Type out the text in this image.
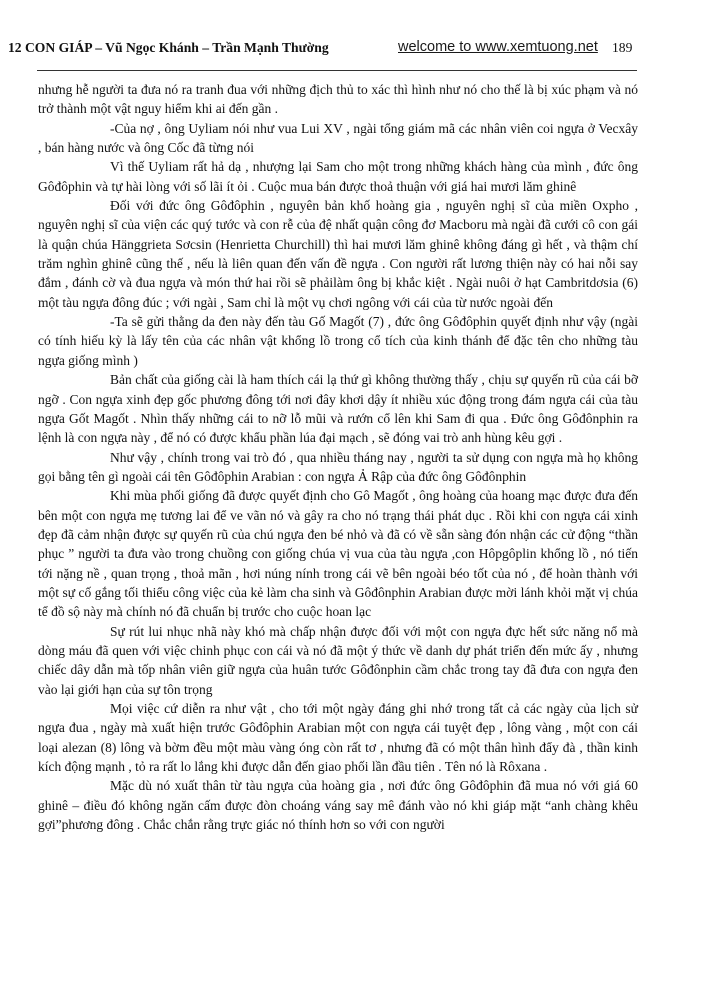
12 CON GIÁP – Vũ Ngọc Khánh – Trần Mạnh Thường	welcome to www.xemtuong.net 189

nhưng hễ người ta đưa nó ra tranh đua với những địch thủ to xác thì hình như nó cho thế là bị xúc phạm và nó trở thành một vật nguy hiểm khi ai đến gần .

-Của nợ , ông Uyliam nói như vua Lui XV , ngài tổng giám mã các nhân viên coi ngựa ở Vecxây , bán hàng nước và ông Cốc đã từng nói

Vì thế Uyliam rất hả dạ , nhượng lại Sam cho một trong những khách hàng của mình , đức ông Gôđôphin và tự hài lòng với số lãi ít ỏi . Cuộc mua bán được thoả thuận với giá hai mươi lăm ghinê

Đối với đức ông Gôđôphin , nguyên bản khố hoàng gia , nguyên nghị sĩ của miền Oxpho , nguyên nghị sĩ của viện các quý tước và con rễ của đệ nhất quận công đơ Macboru mà ngài đã cưới cô con gái là quận chúa Hänggrieta Sơcsin (Henrietta Churchill) thì hai mươi lăm ghinê không đáng gì hết , và thậm chí trăm nghìn ghinê cũng thế , nếu là liên quan đến vấn đề ngựa . Con người rất lương thiện này có hai nỗi say đắm , đánh cờ và đua ngựa và món thứ hai rồi sẽ phảilàm ông bị khắc kiệt . Ngài nuôi ở hạt Cambritdơsia (6) một tàu ngựa đông đúc ; với ngài , Sam chỉ là một vụ chơi ngông với cái của từ nước ngoài đến

-Ta sẽ gửi thằng da đen này đến tàu Gố Magốt (7) , đức ông Gôđôphin quyết định như vậy (ngài có tính hiếu kỳ là lấy tên của các nhân vật khổng lồ trong cổ tích của kinh thánh để đặc tên cho những tàu ngựa giống mình )

Bản chất của giống cài là ham thích cái lạ thứ gì không thường thấy , chịu sự quyến rũ của cái bỡ ngỡ . Con ngựa xinh đẹp gốc phương đông tới nơi đây khơi dậy ít nhiều xúc động trong đám ngựa cái của tàu ngựa Gốt Magốt . Nhìn thấy những cái to nỡ lỗ mũi và rướn cổ lên khi Sam đi qua . Đức ông Gôđônphin ra lệnh là con ngựa này , để nó có được khẩu phần lúa đại mạch , sẽ đóng vai trò anh hùng kêu gợi .

Như vậy , chính trong vai trò đó , qua nhiều tháng nay , người ta sử dụng con ngựa mà họ không gọi bằng tên gì ngoài cái tên Gôđôphin Arabian : con ngựa Ả Rập của đức ông Gôđônphin

Khi mùa phối giống đã được quyết định cho Gô Magốt , ông hoàng của hoang mạc được đưa đến bên một con ngựa mẹ tương lai để ve vãn nó và gây ra cho nó trạng thái phát dục . Rồi khi con ngựa cái xinh đẹp đã cảm nhận được sự quyến rũ của chú ngựa đen bé nhỏ và đã có về sẵn sàng đón nhận các cử động “thần phục ” người ta đưa vào trong chuồng con giống chúa vị vua của tàu ngựa ,con Hôpgôplin khổng lồ , nó tiến tới nặng nề , quan trọng , thoả mãn , hơi núng nính trong cái vẽ bên ngoài béo tốt của nó , để hoàn thành với một sự cố gắng tối thiểu công việc của kẻ làm cha sinh và Gôđônphin Arabian được mời lánh khỏi mặt vị chúa tể đồ sộ này mà chính nó đã chuẩn bị trước cho cuộc hoan lạc

Sự rút lui nhục nhã này khó mà chấp nhận được đối với một con ngựa đực hết sức năng nổ mà dòng máu đã quen với việc chinh phục con cái và nó đã một ý thức về danh dự phát triển đến mức ấy , nhưng chiếc dây dẫn mà tốp nhân viên giữ ngựa của huân tước Gôđônphin cầm chắc trong tay đã đưa con ngựa đen vào lại giới hạn của sự tôn trọng

Mọi việc cứ diễn ra như vật , cho tới một ngày đáng ghi nhớ trong tất cả các ngày của lịch sử ngựa đua , ngày mà xuất hiện trước Gôđôphin Arabian một con ngựa cái tuyệt đẹp , lông vàng , một con cái loại alezan (8) lông và bờm đều một màu vàng óng còn rất tơ , nhưng đã có một thân hình đẩy đà , thần kinh kích động mạnh , tỏ ra rất lo lắng khi được dẫn đến giao phối lần đầu tiên . Tên nó là Rôxana .

Mặc dù nó xuất thân từ tàu ngựa của hoàng gia , nơi đức ông Gôđôphin đã mua nó với giá 60 ghinê – điều đó không ngăn cấm được đòn choáng váng say mê đánh vào nó khi giáp mặt “anh chàng khêu gợi”phương đông . Chắc chắn rằng trực giác nó thính hơn so với con người
